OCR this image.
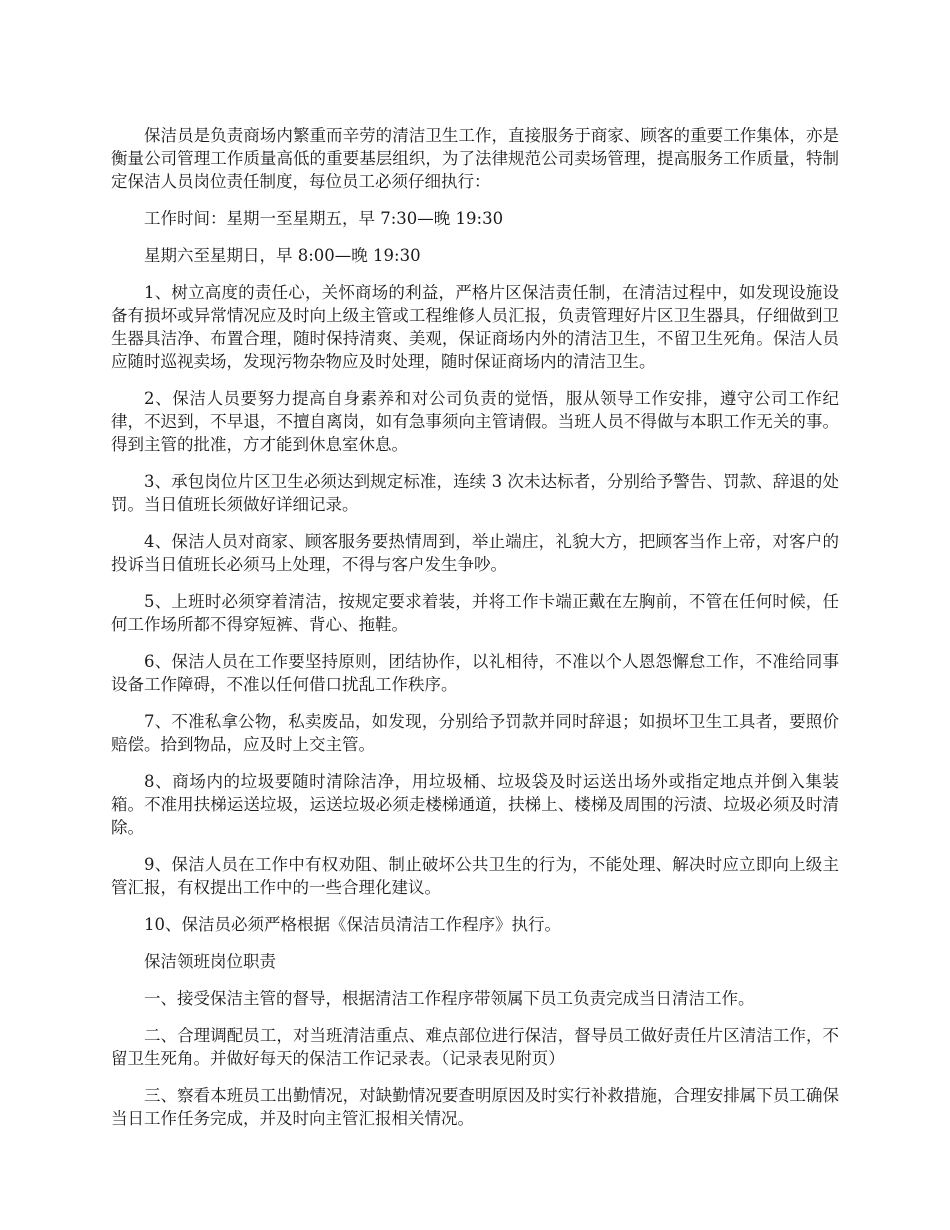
保洁员是负责商场内繁重而辛劳的清洁卫生工作，直接服务于商家、顾客的重要工作集体，亦是衡量公司管理工作质量高低的重要基层组织，为了法律规范公司卖场管理，提高服务工作质量，特制定保洁人员岗位责任制度，每位员工必须仔细执行：

工作时间：星期一至星期五，早 7:30—晚 19:30

星期六至星期日，早 8:00—晚 19:30

1、树立高度的责任心，关怀商场的利益，严格片区保洁责任制，在清洁过程中，如发现设施设备有损坏或异常情况应及时向上级主管或工程维修人员汇报，负责管理好片区卫生器具，仔细做到卫生器具洁净、布置合理，随时保持清爽、美观，保证商场内外的清洁卫生，不留卫生死角。保洁人员应随时巡视卖场，发现污物杂物应及时处理，随时保证商场内的清洁卫生。

2、保洁人员要努力提高自身素养和对公司负责的觉悟，服从领导工作安排，遵守公司工作纪律，不迟到，不早退，不擅自离岗，如有急事须向主管请假。当班人员不得做与本职工作无关的事。得到主管的批准，方才能到休息室休息。

3、承包岗位片区卫生必须达到规定标准，连续 3 次未达标者，分别给予警告、罚款、辞退的处罚。当日值班长须做好详细记录。

4、保洁人员对商家、顾客服务要热情周到，举止端庄，礼貌大方，把顾客当作上帝，对客户的投诉当日值班长必须马上处理，不得与客户发生争吵。

5、上班时必须穿着清洁，按规定要求着装，并将工作卡端正戴在左胸前，不管在任何时候，任何工作场所都不得穿短裤、背心、拖鞋。

6、保洁人员在工作要坚持原则，团结协作，以礼相待，不准以个人恩怨懈怠工作，不准给同事设备工作障碍，不准以任何借口扰乱工作秩序。

7、不准私拿公物，私卖废品，如发现，分别给予罚款并同时辞退；如损坏卫生工具者，要照价赔偿。拾到物品，应及时上交主管。

8、商场内的垃圾要随时清除洁净，用垃圾桶、垃圾袋及时运送出场外或指定地点并倒入集装箱。不准用扶梯运送垃圾，运送垃圾必须走楼梯通道，扶梯上、楼梯及周围的污渍、垃圾必须及时清除。

9、保洁人员在工作中有权劝阻、制止破坏公共卫生的行为，不能处理、解决时应立即向上级主管汇报，有权提出工作中的一些合理化建议。

10、保洁员必须严格根据《保洁员清洁工作程序》执行。

保洁领班岗位职责

一、接受保洁主管的督导，根据清洁工作程序带领属下员工负责完成当日清洁工作。

二、合理调配员工，对当班清洁重点、难点部位进行保洁，督导员工做好责任片区清洁工作，不留卫生死角。并做好每天的保洁工作记录表。（记录表见附页）

三、察看本班员工出勤情况，对缺勤情况要查明原因及时实行补救措施，合理安排属下员工确保当日工作任务完成，并及时向主管汇报相关情况。
